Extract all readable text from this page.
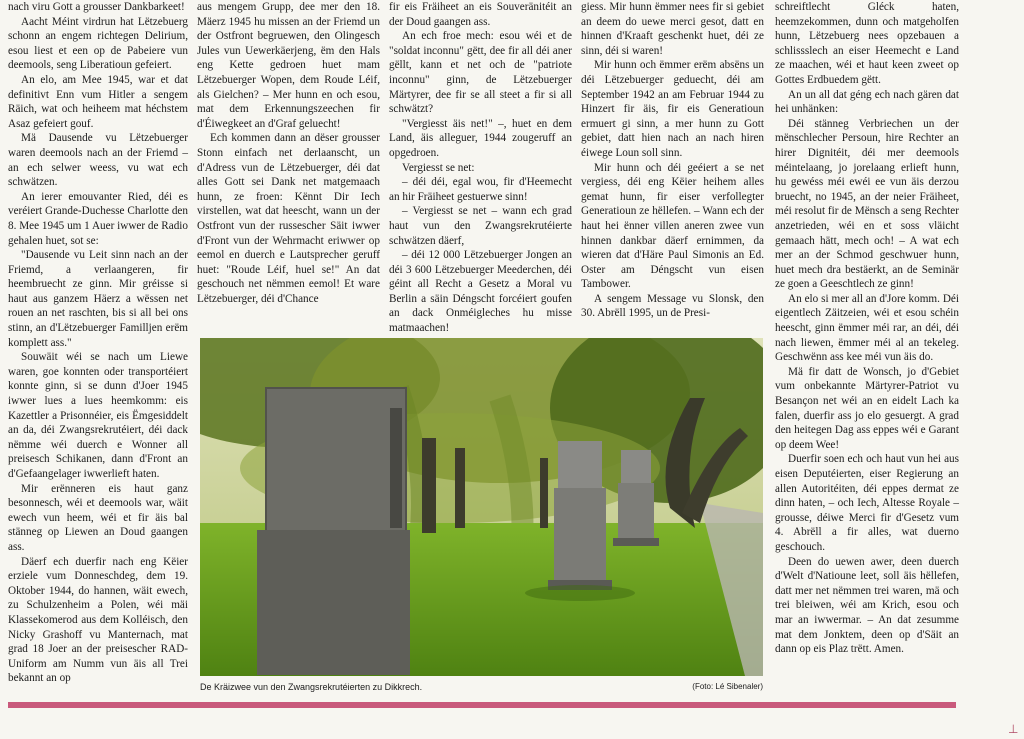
nach viru Gott a grousser Dankbarkeet!

Aacht Méint virdrun hat Lëtzebuerg schonn an engem richtegen Delirium, esou liest et een op de Pabeiere vun deemools, seng Liberatioun gefeiert.

An elo, am Mee 1945, war et dat definitivt Enn vum Hitler a sengem Räich, wat och heiheem mat héchstem Asaz gefeiert gouf.

Mä Dausende vu Lëtzebuerger waren deemools nach an der Friemd – an ech selwer weess, vu wat ech schwätzen.

An ierer emouvanter Ried, déi es veréiert Grande-Duchesse Charlotte den 8. Mee 1945 um 1 Auer iwwer de Radio gehalen huet, sot se:

"Dausende vu Leit sinn nach an der Friemd, a verlaangeren, fir heembruecht ze ginn. Mir gréisse si haut aus ganzem Häerz a wëssen net rouen an net raschten, bis si all bei ons stinn, an d'Lëtzebuerger Familljen erëm komplett ass."

Souwäit wéi se nach um Liewe waren, goe konnten oder transportéiert konnte ginn, si se dunn d'Joer 1945 iwwer lues a lues heemkomm: eis Kazettler a Prisonnéier, eis Ëmgesiddelt an da, déi Zwangsrekrutéiert, déi dack nëmme wéi duerch e Wonner all preisesch Schikanen, dann d'Front an d'Gefaangelager iwwerlieft haten.

Mir erënneren eis haut ganz besonnesch, wéi et deemools war, wäit ewech vun heem, wéi et fir äis bal stänneg op Liewen an Doud gaangen ass.

Däerf ech duerfir nach eng Këier erziele vum Donneschdeg, dem 19. Oktober 1944, do hannen, wäit ewech, zu Schulzenheim a Polen, wéi mäi Klassekomerod aus dem Kolléisch, den Nicky Grashoff vu Manternach, mat grad 18 Joer an der preisescher RAD-Uniform am Numm vun äis all Trei bekannt an op

aus mengem Grupp, dee mer den 18. Mäerz 1945 hu missen an der Friemd un der Ostfront begruewen, den Olingesch Jules vun Uewerkäerjeng, ëm den Hals eng Kette gedroen huet mam Lëtzebuerger Wopen, dem Roude Léif, als Gielchen? – Mer hunn en och esou, mat dem Erkennungszeechen fir d'Éiwegkeet an d'Graf geluecht!

Ech kommen dann an dëser grousser Stonn einfach net derlaanscht, un d'Adress vun de Lëtzebuerger, déi dat alles Gott sei Dank net matgemaach hunn, ze froen: Kënnt Dir Iech virstellen, wat dat heescht, wann un der Ostfront vun der russescher Säit iwwer d'Front vun der Wehrmacht eriwwer op eemol en duerch e Lautsprecher geruff huet: "Roude Léif, huel se!" An dat geschouch net nëmmen eemol! Et ware Lëtzebuerger, déi d'Chance

fir eis Fräiheet an eis Souveränitéit an der Doud gaangen ass.

An ech froe mech: esou wéi et de "soldat inconnu" gëtt, dee fir all déi aner gëllt, kann et net och de "patriote inconnu" ginn, de Lëtzebuerger Märtyrer, dee fir se all steet a fir si all schwätzt?

"Vergiesst äis net!" –, huet en dem Land, äis alleguer, 1944 zougeruff an opgedroen.

Vergiesst se net:

– déi déi, egal wou, fir d'Heemecht an hir Fräiheet gestuerwe sinn!

– Vergiesst se net – wann ech grad haut vun den Zwangsrekrutéierte schwätzen däerf,

– déi 12 000 Lëtzebuerger Jongen an déi 3 600 Lëtzebuerger Meederchen, déi géint all Recht a Gesetz a Moral vu Berlin a säin Déngscht forcéiert goufen an dack Onméigleches hu misse matmaachen!

giess. Mir hunn ëmmer nees fir si gebiet an deem do uewe merci gesot, datt en hinnen d'Kraaft geschenkt huet, déi ze sinn, déi si waren!

Mir hunn och ëmmer erëm absëns un déi Lëtzebuerger geduecht, déi am September 1942 an am Februar 1944 zu Hinzert fir äis, fir eis Generatioun ermuert gi sinn, a mer hunn zu Gott gebiet, datt hien nach an nach hiren éiwege Loun soll sinn.

Mir hunn och déi geéiert a se net vergiess, déi eng Këier heihem alles gemat hunn, fir eiser verfollegter Generatioun ze hëllefen. – Wann ech der haut hei ënner villen aneren zwee vun hinnen dankbar däerf ernimmen, da wieren dat d'Häre Paul Simonis an Ed. Oster am Déngscht vun eisen Tambower.

A sengem Message vu Slonsk, den 30. Abrëll 1995, un de Presi-

schreiftlecht Gléck haten, heemzekommen, dunn och matgeholfen hunn, Lëtzebuerg nees opzebauen a schlissslech an eiser Heemecht e Land ze maachen, wéi et haut keen zweet op Gottes Erdbuedem gëtt.

An un all dat géng ech nach gären dat hei unhänken:

Déi stänneg Verbriechen un der mënschlecher Persoun, hire Rechter an hirer Dignitéit, déi mer deemools méintelaang, jo jorelaang erlieft hunn, hu gewéss méi ewéi ee vun äis derzou bruecht, no 1945, an der neier Fräiheet, méi resolut fir de Mënsch a seng Rechter anzetrieden, wéi en et soss vläicht gemaach hätt, mech och! – A wat ech mer an der Schmod geschwuer hunn, huet mech dra bestäerkt, an de Seminär ze goen a Geeschtlech ze ginn!

An elo si mer all an d'Jore komm. Déi eigentlech Zäitzeien, wéi et esou schéin heescht, ginn ëmmer méi rar, an déi, déi nach liewen, ëmmer méi al an tekeleg. Geschwënn ass kee méi vun äis do.

Mä fir datt de Wonsch, jo d'Gebiet vum onbekannte Märtyrer-Patriot vu Besançon net wéi an en eidelt Lach ka falen, duerfir ass jo elo gesuergt. A grad den heitegen Dag ass eppes wéi e Garant op deem Wee!

Duerfir soen ech och haut vun hei aus eisen Deputéierten, eiser Regierung an allen Autoritéiten, déi eppes dermat ze dinn haten, – och Iech, Altesse Royale – grousse, déiwe Merci fir d'Gesetz vum 4. Abrëll a fir alles, wat duerno geschouch.

Deen do uewen awer, deen duerch d'Welt d'Natioune leet, soll äis hëllefen, datt mer net nëmmen trei waren, mä och trei bleiwen, wéi am Krich, esou och mar an iwwermar. – An dat zesumme mat dem Jonktem, deen op d'Säit an dann op eis Plaz trëtt. Amen.

De Kräizwee vun den Zwangsrekrutéierten zu Dikkrech.	(Foto: Lé Sibenaler)
⊥
